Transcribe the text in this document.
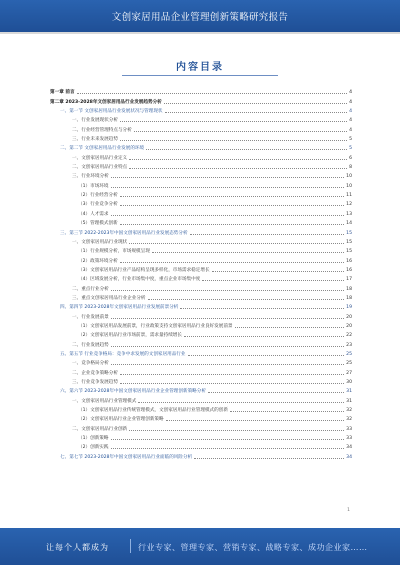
文创家居用品企业管理创新策略研究报告
内容目录
第一章 前言	4
第二章 2023-2028年文创家居用品行业发展趋势分析	4
一、第一节 文创家居用品行业发展状况与管理现状	4
一、行业发展现状分析	4
二、行业经营管理特点与分析	4
三、行业未来发展趋势	5
二、第二节 文创家居用品行业发展的环境	5
一、文创家居用品行业定义	6
二、文创家居用品行业特点	8
三、行业环境分析	10
（1）市场环境	10
（2）行业经营分析	11
（3）行业竞争分析	12
（4）人才需求	13
（5）管理模式创新	14
三、第三节 2022-2023年中国文创家居用品行业发展态势分析	15
一、文创家居用品行业现状	15
（1）行业规模分析，市场规模呈现	15
（2）政策环境分析	16
（3）文创家居用品行业产品结构呈现多样化，市场需求稳定增长	16
（4）区域发展分析，行业市场集中度，重点企业市场集中度	17
二、重点行业分析	18
三、重点文创家居用品行业企业分析	18
四、第四节 2023-2028年文创家居用品行业发展前景分析	19
一、行业发展前景	20
（1）文创家居用品发展前景，行业政策支持文创家居用品行业良好发展前景	20
（2）文创家居用品行业市场前景，需求量持续增长	22
二、行业发展趋势	23
五、第五节 行业竞争格局：竞争中求发展的文创家居用品行业	25
一、竞争格局分析	25
二、企业竞争策略分析	27
三、行业竞争发展趋势	30
六、第六节 2023-2028年中国文创家居用品行业企业管理创新策略分析	31
一、文创家居用品行业管理模式	31
（1）文创家居用品行业传统管理模式，文创家居用品行业管理模式的创新	32
（2）文创家居用品行业企业管理创新策略	32
二、文创家居用品行业创新	33
（1）创新策略	33
（2）创新实践	34
七、第七节 2023-2028年中国文创家居用品行业面临的风险分析	34
1
让每个人都成为	行业专家、管理专家、营销专家、战略专家、成功企业家……
